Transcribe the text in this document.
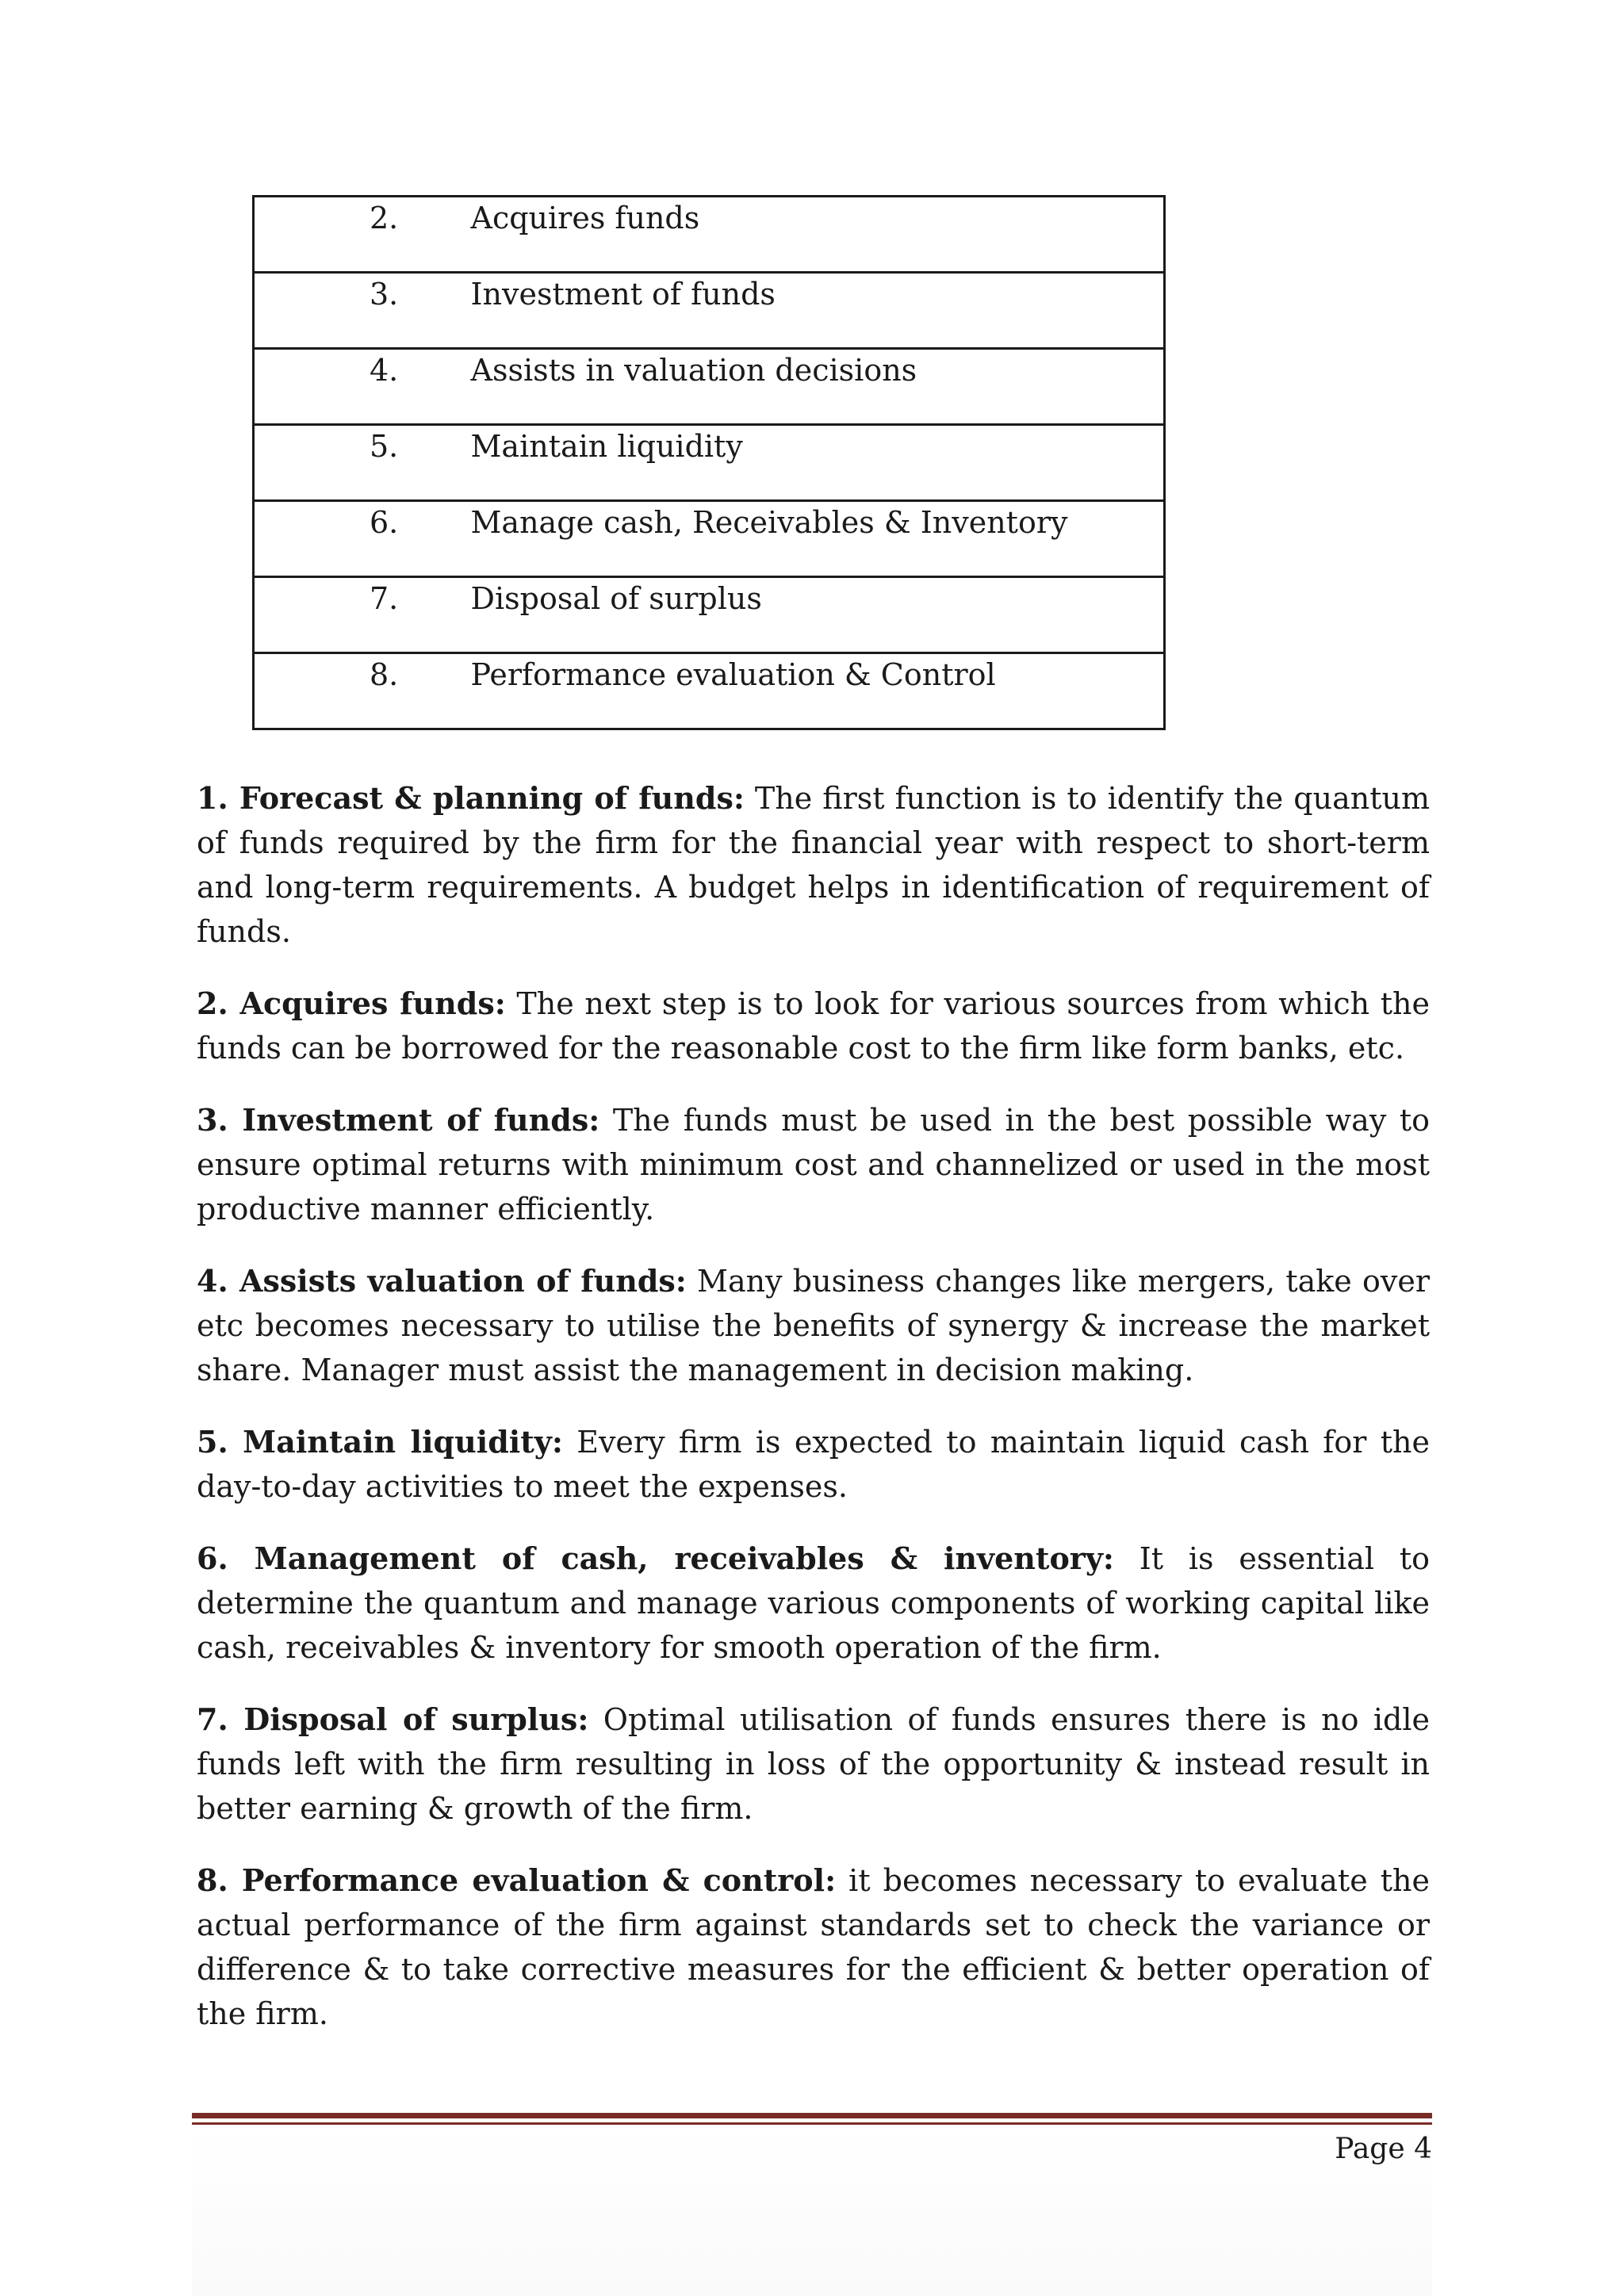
2.	Acquires funds
3.	Investment of funds
4.	Assists in valuation decisions
5.	Maintain liquidity
6.	Manage cash, Receivables & Inventory
7.	Disposal of surplus
8.	Performance evaluation & Control

1. Forecast & planning of funds: The first function is to identify the quantum of funds required by the firm for the financial year with respect to short-term and long-term requirements. A budget helps in identification of requirement of funds.

2. Acquires funds: The next step is to look for various sources from which the funds can be borrowed for the reasonable cost to the firm like form banks, etc.

3. Investment of funds: The funds must be used in the best possible way to ensure optimal returns with minimum cost and channelized or used in the most productive manner efficiently.

4. Assists valuation of funds: Many business changes like mergers, take over etc becomes necessary to utilise the benefits of synergy & increase the market share. Manager must assist the management in decision making.

5. Maintain liquidity: Every firm is expected to maintain liquid cash for the day-to-day activities to meet the expenses.

6. Management of cash, receivables & inventory: It is essential to determine the quantum and manage various components of working capital like cash, receivables & inventory for smooth operation of the firm.

7. Disposal of surplus: Optimal utilisation of funds ensures there is no idle funds left with the firm resulting in loss of the opportunity & instead result in better earning & growth of the firm.

8. Performance evaluation & control: it becomes necessary to evaluate the actual performance of the firm against standards set to check the variance or difference & to take corrective measures for the efficient & better operation of the firm.

Page 4
